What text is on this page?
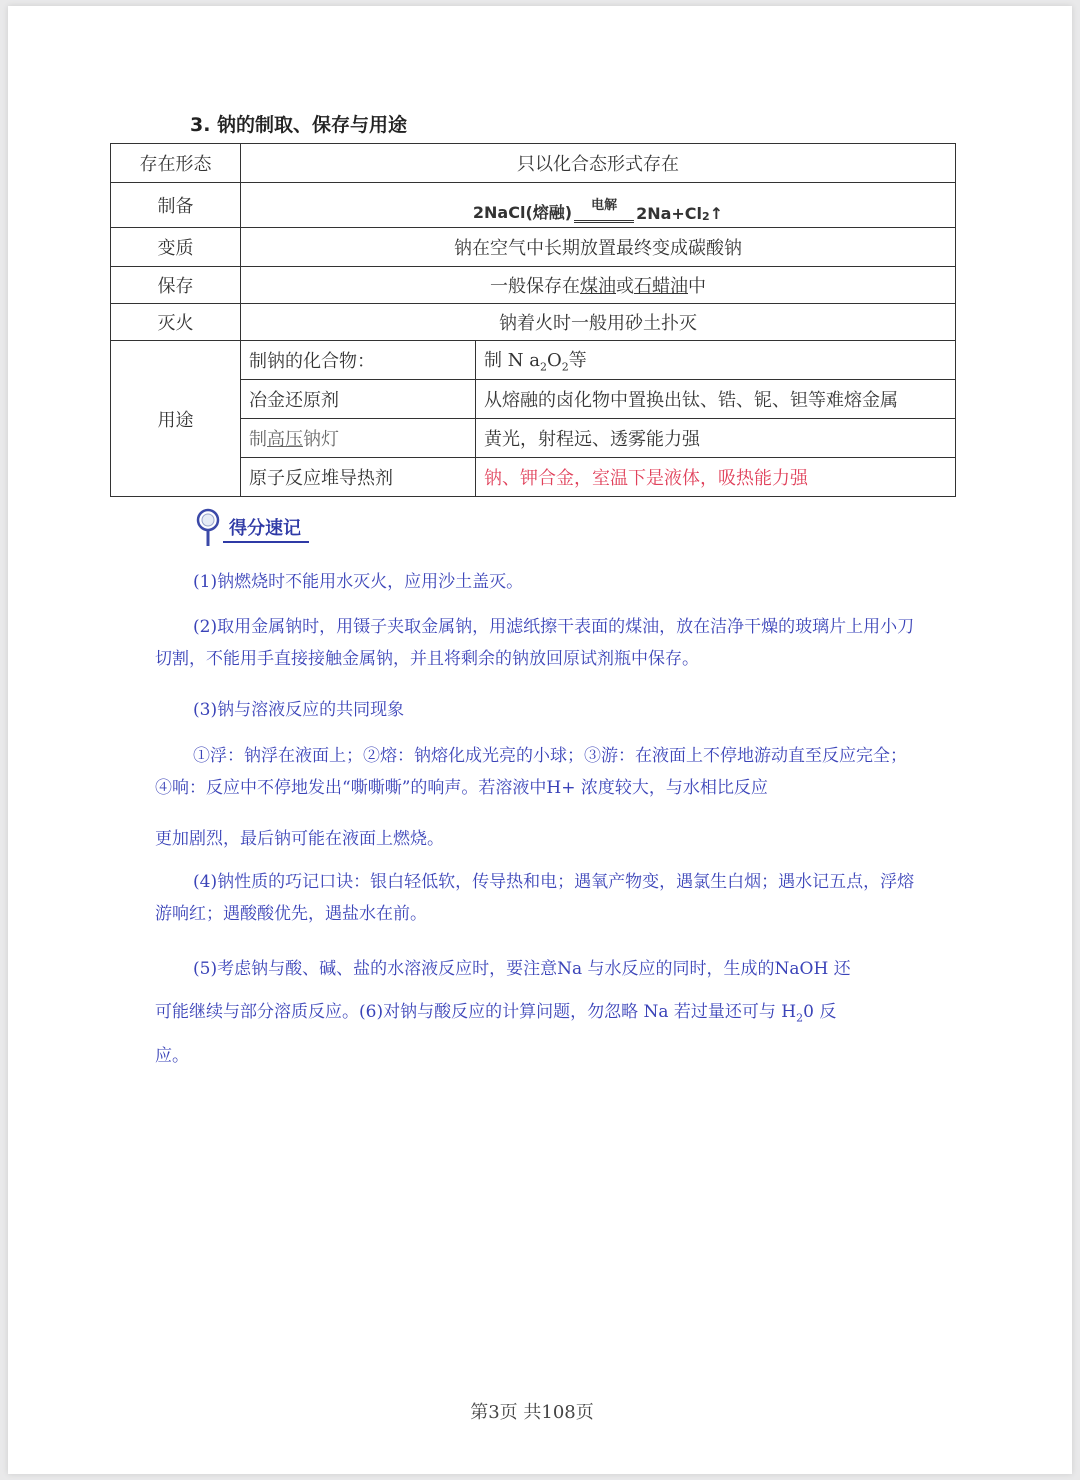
3. 钠的制取、保存与用途
存在形态	只以化合态形式存在	
制备	2NaCl(熔融) 电解 2Na+Cl 2 ↑	

变质	钠在空气中长期放置最终变成碳酸钠	
保存	一般保存在煤油或石蜡油中	
灭火	钠着火时一般用砂土扑灭	
用途	制钠的化合物：	制 N $a_2O_2$等
	冶金还原剂	从熔融的卤化物中置换出钛、锆、铌、钽等难熔金属
	制高压钠灯	黄光，射程远、透雾能力强
	原子反应堆导热剂	钠、钾合金，室温下是液体，吸热能力强
得分速记
(1)钠燃烧时不能用水灭火，应用沙土盖灭。
(2)取用金属钠时，用镊子夹取金属钠，用滤纸擦干表面的煤油，放在洁净干燥的玻璃片上用小刀切割，不能用手直接接触金属钠，并且将剩余的钠放回原试剂瓶中保存。
(3)钠与溶液反应的共同现象
①浮：钠浮在液面上；②熔：钠熔化成光亮的小球；③游：在液面上不停地游动直至反应完全；④响：反应中不停地发出“嘶嘶嘶”的响声。若溶液中H+ 浓度较大，与水相比反应
更加剧烈，最后钠可能在液面上燃烧。
(4)钠性质的巧记口诀：银白轻低软，传导热和电；遇氧产物变，遇氯生白烟；遇水记五点，浮熔游响红；遇酸酸优先，遇盐水在前。
(5)考虑钠与酸、碱、盐的水溶液反应时，要注意Na 与水反应的同时，生成的NaOH 还
可能继续与部分溶质反应。(6)对钠与酸反应的计算问题，勿忽略 Na 若过量还可与 $H_20$ 反
应。
第3页 共108页
